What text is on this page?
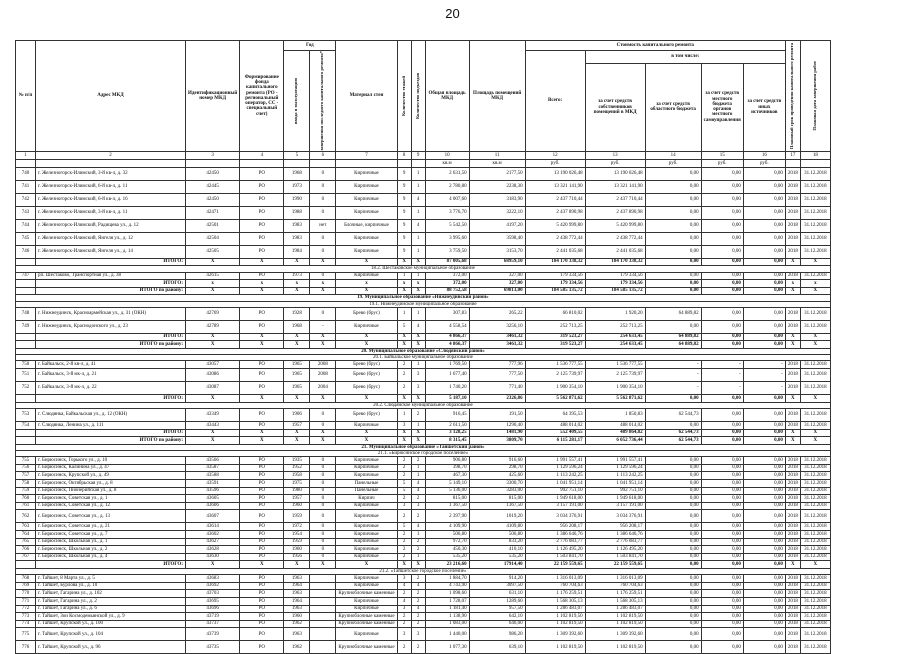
20
№ п/п	Адрес МКД	Идентификационный номер МКД	Формирование фонда капитального ремонта (РО - региональный оператор, СС - специальный счет)	Год		Материал стен	Количество этажей	Количество подъездов	Общая площадь МКД	Площадь помещений МКД	Стоимость капитального ремонта					Плановый срок проведения капитального ремонта	Плановая дата завершения работ

				ввода в эксплуатацию	завершения последнего капитального ремонта*						Всего:	в том числе:					
												за счет средств собственников помещений в МКД	за счет средств областного бюджета	за счет средств местного бюджета органов местного самоуправления	за счет средств иных источников		
1	2	3	4	5	6	7	8	9	10	11	12	13	14	15	16	17	18
									кв.м	кв.м	руб.	руб.	руб.	руб.	руб.		
740	г. Железногорск-Илимский, 3-й кв-л, д. 32	42450	РО	1968	0	Кирпичные	9	1	2 631,50	2177,50	13 190 026,48	13 190 026,48	0,00	0,00	0,00	2018	31.12.2018
741	г. Железногорск-Илимский, 6-й кв-л, д. 11	42445	РО	1973	0	Кирпичные	9	1	2 780,80	2238,30	13 321 141,90	13 321 141,90	0,00	0,00	0,00	2018	31.12.2018
742	г. Железногорск-Илимский, 6-й кв-л, д. 16	42450	РО	1990	0	Кирпичные	9	4	4 007,60	3183,90	2 437 710,44	2 437 710,44	0,00	0,00	0,00	2018	31.12.2018
743	г. Железногорск-Илимский, 3-й кв-л, д. 11	42471	РО	1988	0	Кирпичные	9	1	3 776,70	3222,10	2 437 890,98	2 437 890,98	0,00	0,00	0,00	2018	31.12.2018
744	г. Железногорск-Илимский, Радищева ул., д. 12	42501	РО	1983	нет	Блочные, кирпичные	9	4	5 542,50	4197,20	5 420 999,80	5 420 999,80	0,00	0,00	0,00	2018	31.12.2018
745	г. Железногорск-Илимский, Янгеля ул., д. 12	42504	РО	1983	0	Кирпичные	9	1	3 995,60	3598,40	2 438 772,44	2 438 772,44	0,00	0,00	0,00	2018	31.12.2018
746	г. Железногорск-Илимский, Янгеля ул., д. 14	42505	РО	1984	0	Кирпичные	9	1	3 759,50	3153,70	2 441 035,68	2 441 035,68	0,00	0,00	0,00	2018	31.12.2018
	ИТОГО:	X	X	X	X	X	X	X	87 005,68	68959,10	184 170 338,32	184 170 338,32	0,00	0,00	0,00	X	X
18.2. Шестаковское муниципальное образование																	
747	рп. Шестаково, Транспортная ул., д. 38	42615	РО	1973	0	Кирпичные	1	1	372,00	327,00	179 334,56	179 334,56	0,00	0,00	0,00	2018	31.12.2018
	ИТОГО:	x	x	x	x	x	x	x	372,00	327,00	179 334,56	179 334,56	0,00	0,00	0,00	x	x
	ИТОГО по району:	X	X	X	X	X	X	X	88 752,58	69813,00	184 585 135,72	184 585 135,72	0,00	0,00	0,00	X	X
19. Муниципальное образование «Нижнеудинский район»																	
19.1. Нижнеудинское муниципальное образование																	
748	г. Нижнеудинск, Красноармейская ул., д. 31 (ОКН)	42769	РО	1928	0	Брево (брус)	1	1	307,83	265,22	66 810,02	1 920,20	64 889,82	0,00	0,00	2018	31.12.2018
749	г. Нижнеудинск, Краснодонского ул., д. 23	42789	РО	1968	-	Кирпичные	5	4	4 558,54	3256,10	252 713,25	252 713,25	0,00	0,00	0,00	2018	31.12.2018
	ИТОГО:	X	X	X	X	X	X	X	4 866,37	3461,32	319 523,27	254 633,45	64 889,82	0,00	0,00	X	X
	ИТОГО по району:	X	X	X	X	X	X	X	4 866,37	3461,32	319 523,27	254 633,45	64 889,82	0,00	0,00	X	X
20. Муниципальное образование «Слюдянский район»																	
20.1. Байкальское муниципальное образование																	
750	г. Байкальск, 2-й кв-л, д. 41	43057	РО	1965	2008	Брево (брус)	2	1	1 769,50	777,96	1 536 777,55	1 536 777,55	-	-	-	2018	31.12.2018
751	г. Байкальск, 3-й мк-л, д. 21	43086	РО	1965	2008	Брево (брус)	2	3	1 677,40	777,50	2 125 739,97	2 125 739,97	-	-	-	2018	31.12.2018
752	г. Байкальск, 3-й мк-л, д. 22	43087	РО	1965	2004	Брево (брус)	2	3	1 740,20	771,40	1 900 354,10	1 900 354,10	-	-	-	2018	31.12.2018
	ИТОГО:	X	X	X	X	X	X	X	5 187,10	2326,86	5 562 871,62	5 562 871,62	0,00	0,00	0,00	X	X
20.2. Слюдянское муниципальное образование																	
753	г. Слюдянка, Байкальская ул., д. 12 (ОКН)	43349	РО	1906	0	Брево (брус)	1	2	916,45	191,50	64 395,53	1 850,83	62 544,73	0,00	0,00	2018	31.12.2018
754	г. Слюдянка, Ленина ул., д. 111	43443	РО	1957	0	Кирпичные	3	1	2 611,50	1290,40	488 014,02	488 014,02	0,00	0,00	0,00	2018	31.12.2018
	ИТОГО:	X	X	X	X	X	X	X	3 128,25	1481,90	552 409,55	489 864,82	62 544,73	0,00	0,00	X	X
	ИТОГО по району:	X	X	X	X	X	X	X	8 315,45	3809,70	6 115 281,17	6 052 736,44	62 544,73	0,00	0,00	X	X
21. Муниципальное образование «Тайшетский район»																	
21.1. «Бирюсинское городское поселение»																	
755	г. Бирюсинск, Горького ул., д. 10	43566	РО	1935	0	Кирпичные	2	2	906,80	916,60	1 991 557,41	1 991 557,41	0,00	0,00	0,00	2018	31.12.2018
756	г. Бирюсинск, Калинина ул., д. 47	43587	РО	1952	0	Кирпичные	2	1	398,70	298,70	1 129 596,24	1 129 596,24	0,00	0,00	0,00	2018	31.12.2018
757	г. Бирюсинск, Крупской ул., д. 49	43588	РО	1958	0	Кирпичные	2	1	467,30	425,60	1 113 242,25	1 113 242,25	0,00	0,00	0,00	2018	31.12.2018
758	г. Бирюсинск, Октябрьская ул., д. 8	43591	РО	1975	0	Панельные	5	4	5 149,10	3300,70	1 041 951,14	1 041 951,14	0,00	0,00	0,00	2018	31.12.2018
759	г. Бирюсинск, Пионерийская ул., д. 8	43596	РО	1980	0	Панельные	5	4	5 136,00	3283,00	992 751,10	992 751,10	0,00	0,00	0,00	2018	31.12.2018
760	г. Бирюсинск, Советская ул., д. 1	43605	РО	1957	0	Кирпич	2	2	815,00	815,00	1 949 618,00	1 949 618,00	0,00	0,00	0,00	2018	31.12.2018
761	г. Бирюсинск, Советская ул., д. 12	43606	РО	1960	0	Кирпичные	3	3	1 367,50	1367,50	3 157 191,00	3 157 191,00	0,00	0,00	0,00	2018	31.12.2018
762	г. Бирюсинск, Советская ул., д. 13	43607	РО	1959	0	Кирпичные	2	2	2 397,90	1019,20	3 034 376,91	3 034 376,91	0,00	0,00	0,00	2018	31.12.2018
763	г. Бирюсинск, Советская ул., д. 21	43614	РО	1972	0	Кирпичные	5	4	4 109,90	4109,80	956 208,17	956 208,17	0,00	0,00	0,00	2018	31.12.2018
764	г. Бирюсинск, Советская ул., д. 7	43602	РО	1954	0	Кирпичные	2	1	506,80	506,80	1 386 646,76	1 386 646,76	0,00	0,00	0,00	2018	31.12.2018
765	г. Бирюсинск, Школьная ул., д. 1	43627	РО	1959	0	Кирпичные	2	2	972,70	833,20	2 776 083,77	2 776 083,77	0,00	0,00	0,00	2018	31.12.2018
766	г. Бирюсинск, Школьная ул., д. 2	43628	РО	1960	0	Кирпичные	2	2	450,30	410,10	1 126 495,20	1 126 495,20	0,00	0,00	0,00	2018	31.12.2018
767	г. Бирюсинск, Школьная ул., д. 4	43630	РО	1956	0	Кирпичные	2	1	535,20	535,20	1 503 841,70	1 503 841,70	0,00	0,00	0,00	2018	31.12.2018
	ИТОГО:	X	X	X	X	X	X	X	23 216,60	17914,40	22 159 559,65	22 159 559,65	0,00	0,00	0,00	X	X
21.2. «Тайшетское городское поселение»																	
768	г. Тайшет, 8 Марта ул., д. 5	43683	РО	1963		Кирпичные	3	2	1 884,70	914,20	1 316 013,09	1 316 013,09	0,00	0,00	0,00	2018	31.12.2018
769	г. Тайшет, Бурлова ул., д. 10	43692	РО	1964		Кирпичные	4	4	4 743,90	3097,50	760 704,63	760 704,63	0,00	0,00	0,00	2018	31.12.2018
770	г. Тайшет, Гагарина ул., д. 102	43703	РО	1963		Крупноблочные каменные	2	2	1 098,60	631,10	1 176 259,51	1 176 259,51	0,00	0,00	0,00	2018	31.12.2018
771	г. Тайшет, Гагарина ул., д. 2	43695	РО	1964		Кирпичные	4	2	1 728,07	1289,60	1 568 305,13	1 568 305,13	0,00	0,00	0,00	2018	31.12.2018
772	г. Тайшет, Гагарина ул., д. 6	43696	РО	1963		Кирпичные	3	4	1 181,40	957,50	1 286 483,07	1 286 483,07	0,00	0,00	0,00	2018	31.12.2018
773	г. Тайшет, Зои Космодемьянской ул., д. 9	43719	РО	1960		Крупноблочные каменные	2	2	1 138,90	642,10	1 102 819,50	1 102 819,50	0,00	0,00	0,00	2018	31.12.2018
774	г. Тайшет, Крупской ул., д. 100	43737	РО	1962		Крупноблочные каменные	2	2	1 083,00	646,00	1 102 819,50	1 102 819,50	0,00	0,00	0,00	2018	31.12.2018
775	г. Тайшет, Крупской ул., д. 104	43739	РО	1963		Кирпичные	3	3	1 440,00	986,20	1 309 392,60	1 309 392,60	0,00	0,00	0,00	2018	31.12.2018
776	г. Тайшет, Крупской ул., д. 96	43735	РО	1962		Крупноблочные каменные	2	2	1 077,30	639,10	1 102 819,50	1 102 819,50	0,00	0,00	0,00	2018	31.12.2018
